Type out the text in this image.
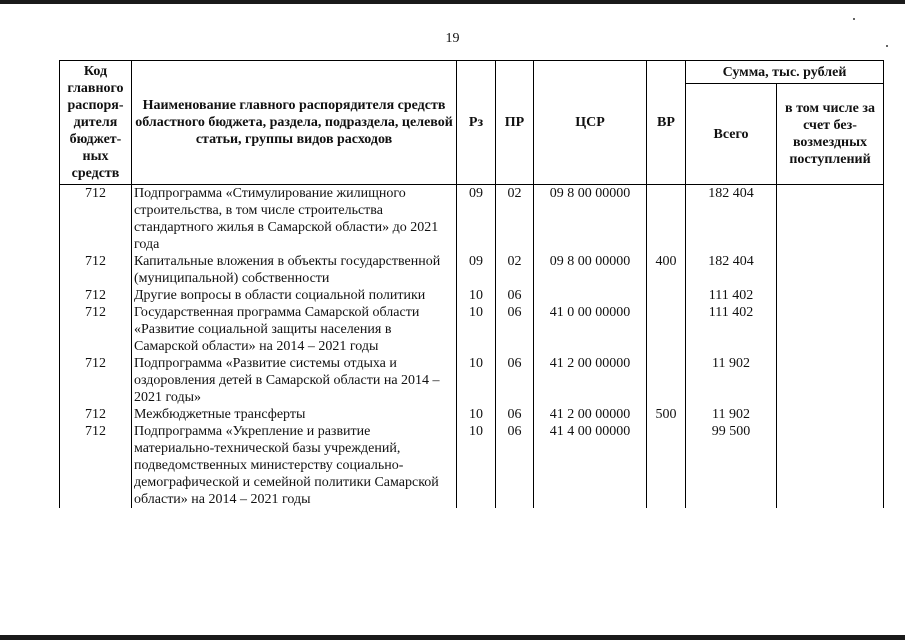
19
Код главного распоря-дителя бюджет-ных средств	Наименование главного распорядителя средств областного бюджета, раздела, подраздела, целевой статьи, группы видов расходов	Рз	ПР	ЦСР	ВР	Сумма, тыс. рублей	
						Всего	в том числе за счет без-возмездных поступлений
712	Подпрограмма «Стимулирование жилищного строительства, в том числе строительства стандартного жилья в Самарской области» до 2021 года	09	02	09 8 00 00000		182 404	
712	Капитальные вложения в объекты государственной (муниципальной) собственности	09	02	09 8 00 00000	400	182 404	
712	Другие вопросы в области социальной политики	10	06			111 402	
712	Государственная программа Самарской области «Развитие социальной защиты населения в Самарской области» на 2014 – 2021 годы	10	06	41 0 00 00000		111 402	
712	Подпрограмма «Развитие системы отдыха и оздоровления детей в Самарской области на 2014 – 2021 годы»	10	06	41 2 00 00000		11 902	
712	Межбюджетные трансферты	10	06	41 2 00 00000	500	11 902	
712	Подпрограмма «Укрепление и развитие материально-технической базы учреждений, подведомственных министерству социально-демографической и семейной политики Самарской области» на 2014 – 2021 годы	10	06	41 4 00 00000		99 500	
